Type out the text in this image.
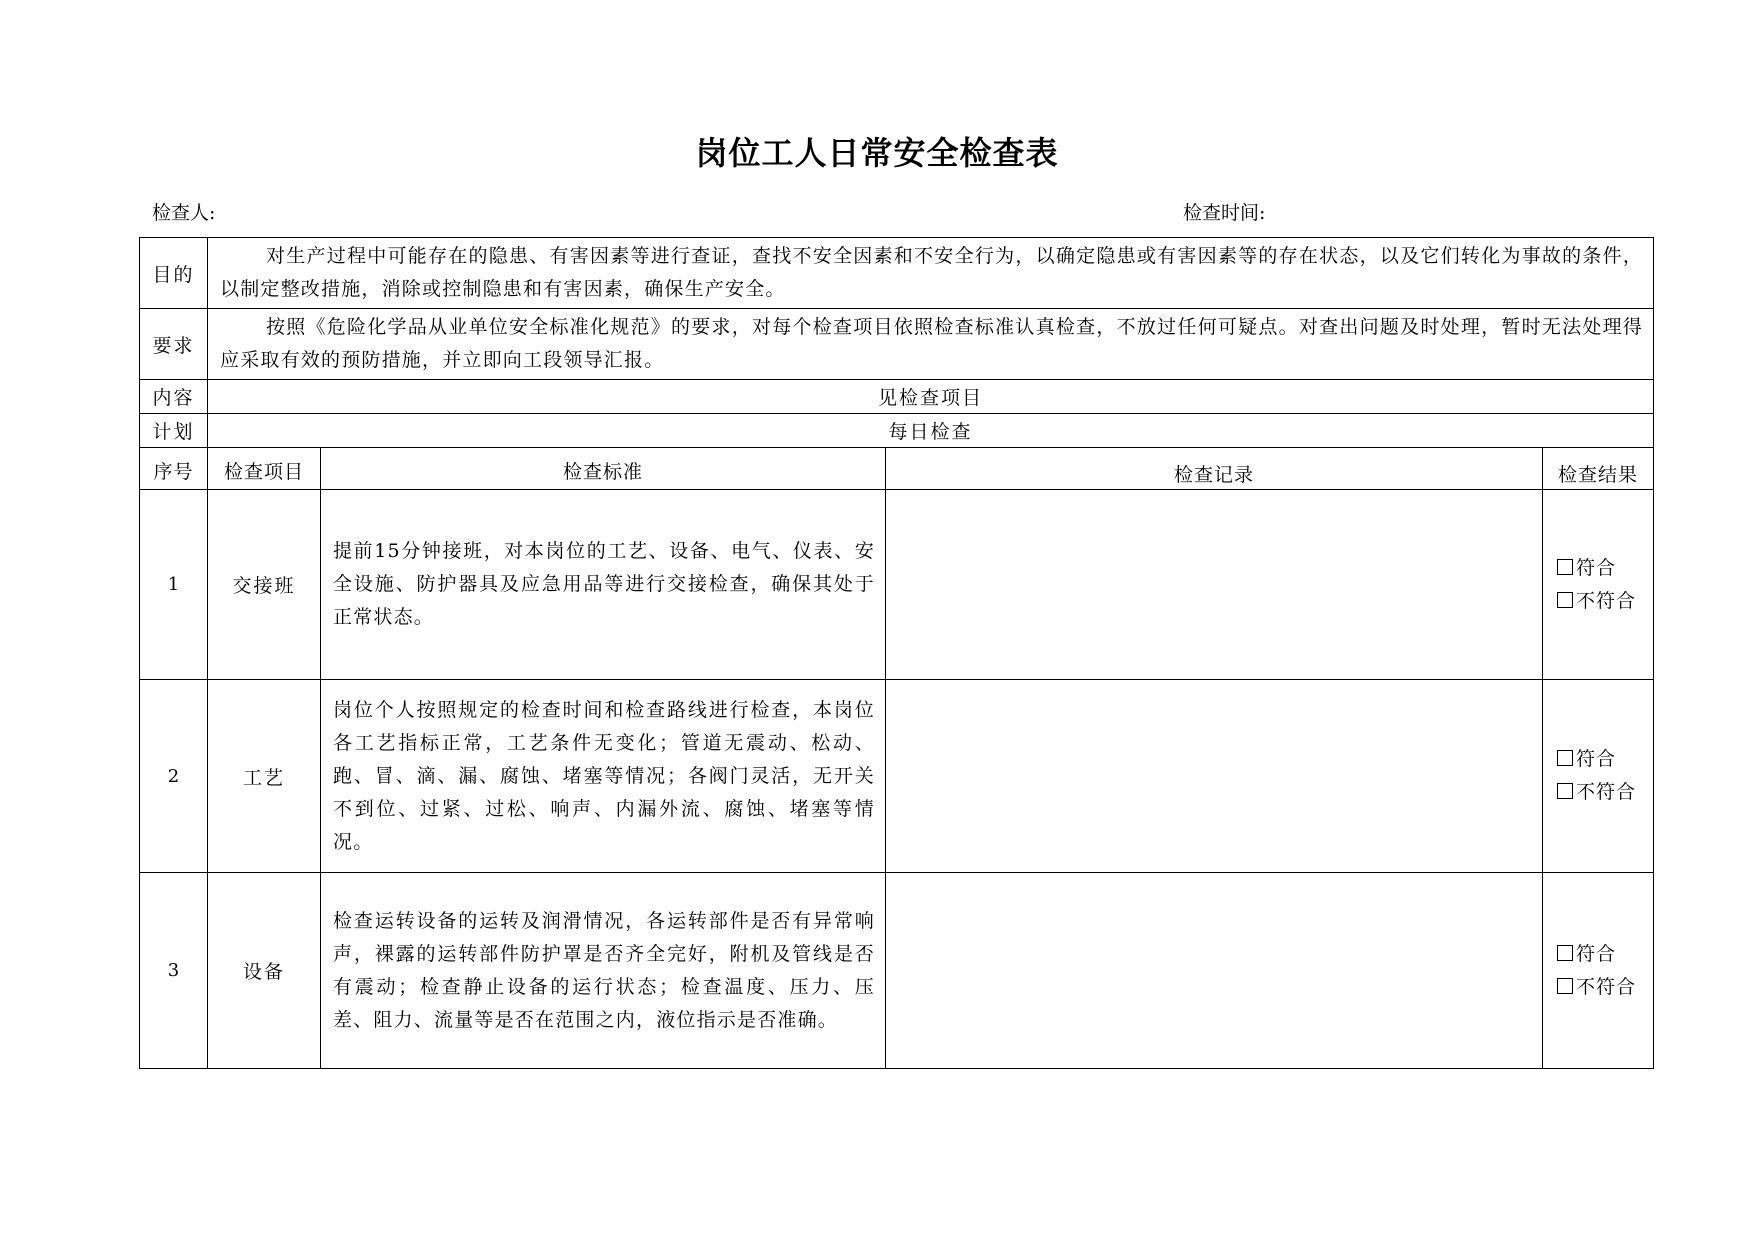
岗位工人日常安全检查表
检查人:	检查时间:
目的	对生产过程中可能存在的隐患、有害因素等进行查证，查找不安全因素和不安全行为，以确定隐患或有害因素等的存在状态，以及它们转化为事故的条件，以制定整改措施，消除或控制隐患和有害因素，确保生产安全。			
要求	按照《危险化学品从业单位安全标准化规范》的要求，对每个检查项目依照检查标准认真检查，不放过任何可疑点。对查出问题及时处理，暂时无法处理得应采取有效的预防措施，并立即向工段领导汇报。			
内容	见检查项目			
计划	每日检查			
序号	检查项目	检查标准	检查记录	检查结果
1	交接班	提前15分钟接班，对本岗位的工艺、设备、电气、仪表、安全设施、防护器具及应急用品等进行交接检查，确保其处于正常状态。		符合
不符合

2	工艺	岗位个人按照规定的检查时间和检查路线进行检查，本岗位各工艺指标正常，工艺条件无变化；管道无震动、松动、跑、冒、滴、漏、腐蚀、堵塞等情况；各阀门灵活，无开关不到位、过紧、过松、响声、内漏外流、腐蚀、堵塞等情况。		符合
不符合

3	设备	检查运转设备的运转及润滑情况，各运转部件是否有异常响声，裸露的运转部件防护罩是否齐全完好，附机及管线是否有震动；检查静止设备的运行状态；检查温度、压力、压差、阻力、流量等是否在范围之内，液位指示是否准确。		符合
不符合
